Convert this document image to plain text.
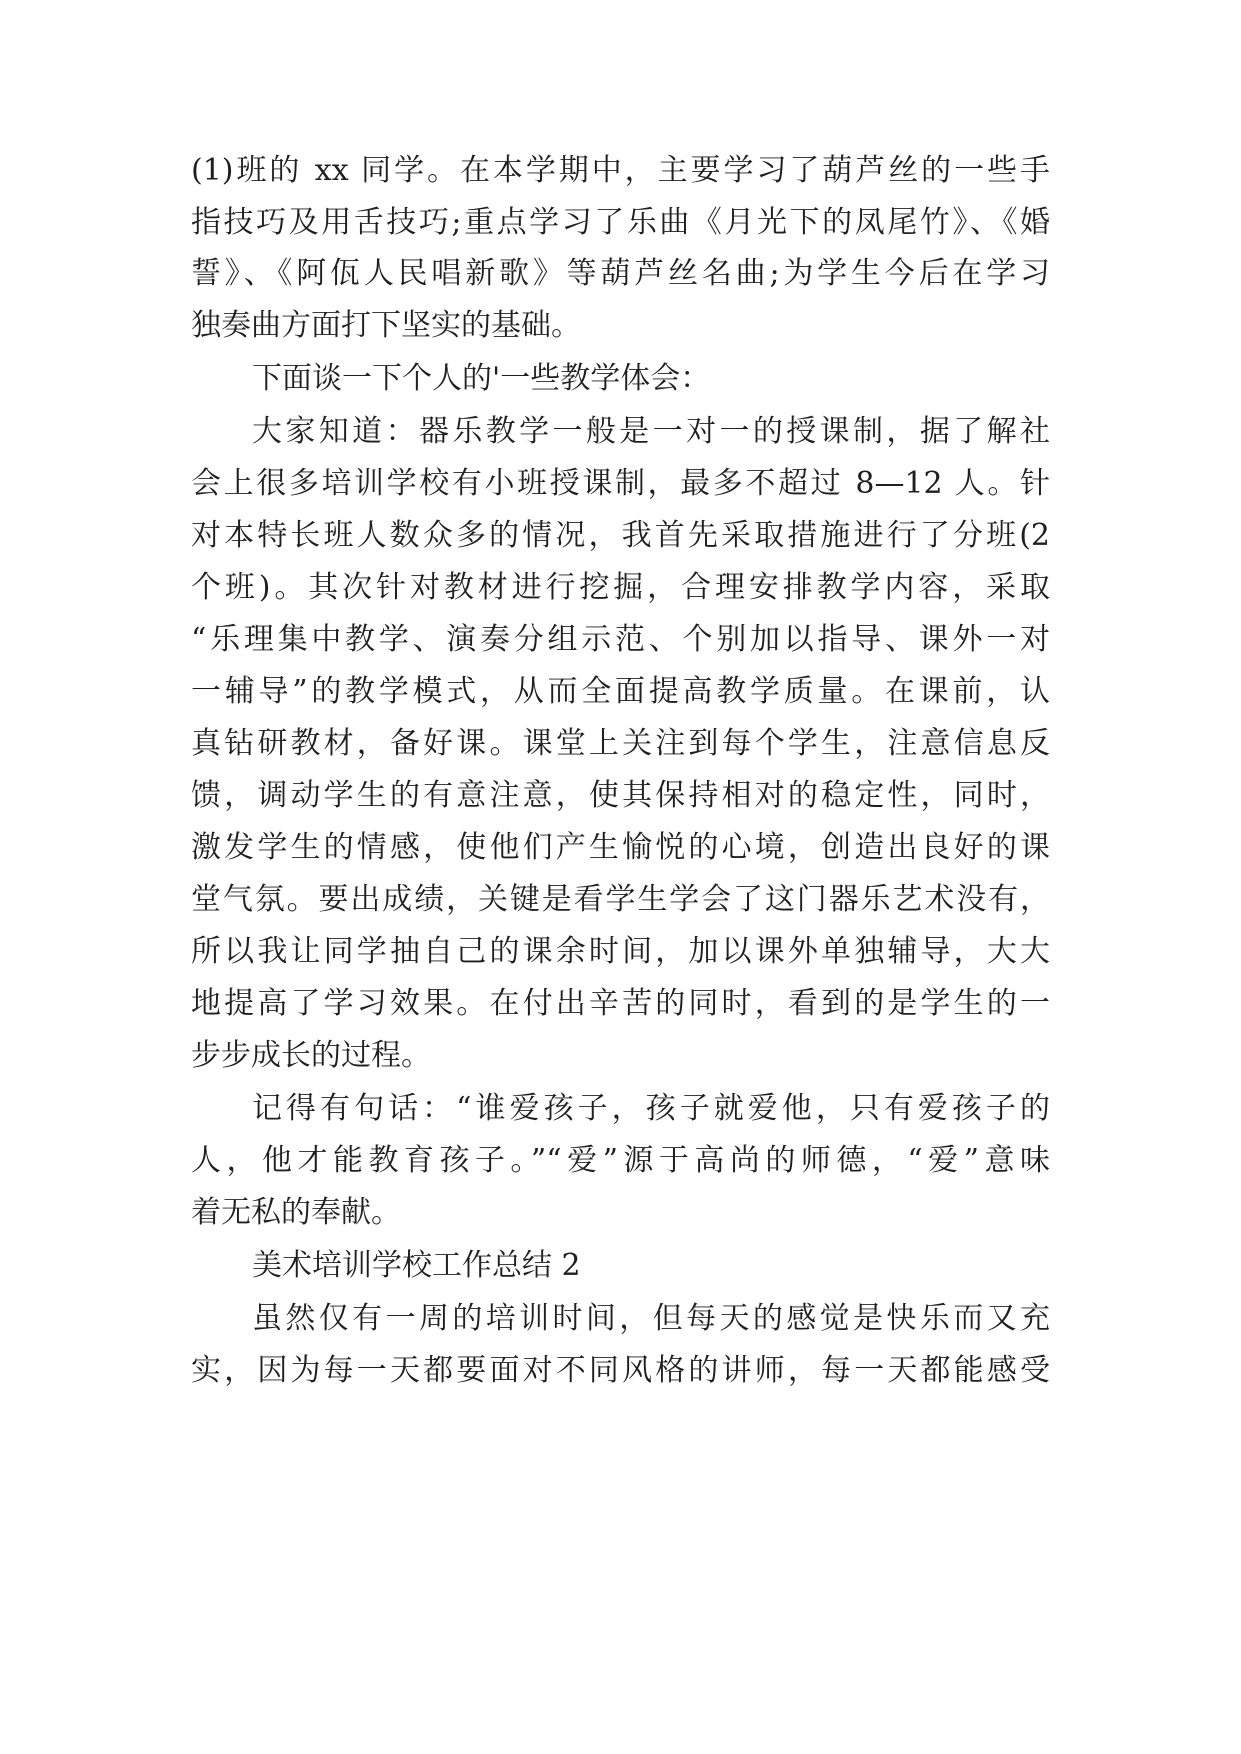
(1)班的 xx 同学。在本学期中，主要学习了葫芦丝的一些手

指技巧及用舌技巧;重点学习了乐曲《月光下的凤尾竹》、《婚

誓》、《阿佤人民唱新歌》等葫芦丝名曲;为学生今后在学习

独奏曲方面打下坚实的基础。

下面谈一下个人的'一些教学体会：

大家知道：器乐教学一般是一对一的授课制，据了解社

会上很多培训学校有小班授课制，最多不超过 8—12 人。针

对本特长班人数众多的情况，我首先采取措施进行了分班(2

个班)。其次针对教材进行挖掘，合理安排教学内容，采取

“乐理集中教学、演奏分组示范、个别加以指导、课外一对

一辅导”的教学模式，从而全面提高教学质量。在课前，认

真钻研教材，备好课。课堂上关注到每个学生，注意信息反

馈，调动学生的有意注意，使其保持相对的稳定性，同时，

激发学生的情感，使他们产生愉悦的心境，创造出良好的课

堂气氛。要出成绩，关键是看学生学会了这门器乐艺术没有，

所以我让同学抽自己的课余时间，加以课外单独辅导，大大

地提高了学习效果。在付出辛苦的同时，看到的是学生的一

步步成长的过程。

记得有句话：“谁爱孩子，孩子就爱他，只有爱孩子的

人，他才能教育孩子。”“爱”源于高尚的师德，“爱”意味

着无私的奉献。

美术培训学校工作总结 2

虽然仅有一周的培训时间，但每天的感觉是快乐而又充

实，因为每一天都要面对不同风格的讲师，每一天都能感受
